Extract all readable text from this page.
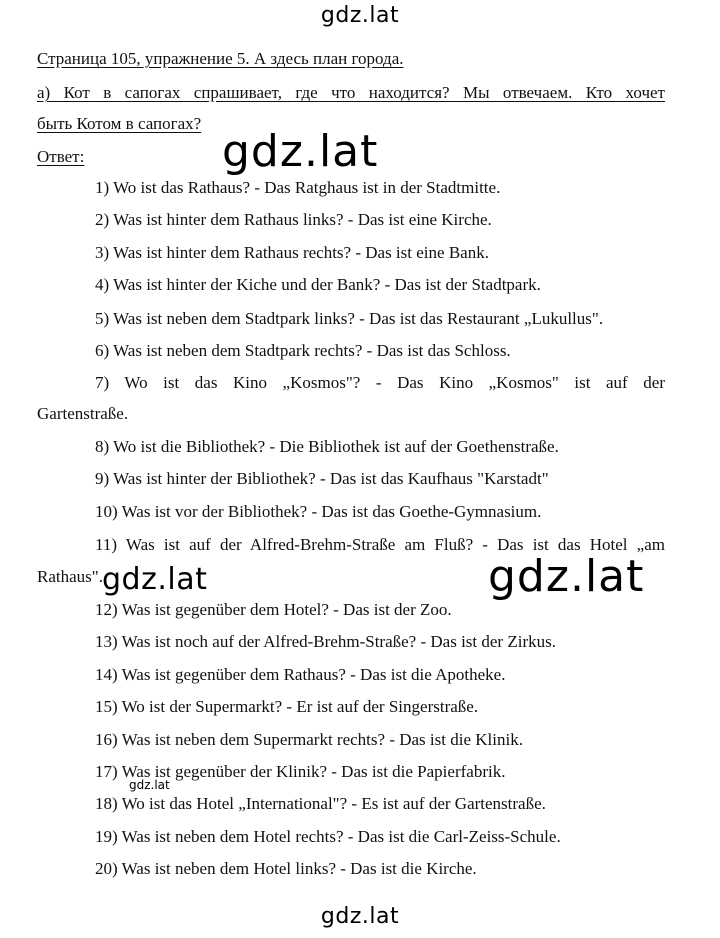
Страница 105, упражнение 5. А здесь план города.
а) Кот в сапогах спрашивает, где что находится? Мы отвечаем. Кто хочет
быть Котом в сапогах?
Ответ:
1) Wo ist das Rathaus? - Das Ratghaus ist in der Stadtmitte.
2) Was ist hinter dem Rathaus links? - Das ist eine Kirche.
3) Was ist hinter dem Rathaus rechts? - Das ist eine Bank.
4) Was ist hinter der Kiche und der Bank? - Das ist der Stadtpark.
5) Was ist neben dem Stadtpark links? - Das ist das Restaurant „Lukullus".
6) Was ist neben dem Stadtpark rechts? - Das ist das Schloss.
7) Wo ist das Kino „Kosmos"? - Das Kino „Kosmos" ist auf der
Gartenstraße.
8) Wo ist die Bibliothek? - Die Bibliothek ist auf der Goethenstraße.
9) Was ist hinter der Bibliothek? - Das ist das Kaufhaus "Karstadt"
10) Was ist vor der Bibliothek? - Das ist das Goethe-Gymnasium.
11) Was ist auf der Alfred-Brehm-Straße am Fluß? - Das ist das Hotel „am
Rathaus".
12) Was ist gegenüber dem Hotel? - Das ist der Zoo.
13) Was ist noch auf der Alfred-Brehm-Straße? - Das ist der Zirkus.
14) Was ist gegenüber dem Rathaus? - Das ist die Apotheke.
15) Wo ist der Supermarkt? - Er ist auf der Singerstraße.
16) Was ist neben dem Supermarkt rechts? - Das ist die Klinik.
17) Was ist gegenüber der Klinik? - Das ist die Papierfabrik.
18) Wo ist das Hotel „International"? - Es ist auf der Gartenstraße.
19) Was ist neben dem Hotel rechts? - Das ist die Carl-Zeiss-Schule.
20) Was ist neben dem Hotel links? - Das ist die Kirche.
gdz.lat
gdz.lat
gdz.lat
gdz.lat
gdz.lat
gdz.lat
